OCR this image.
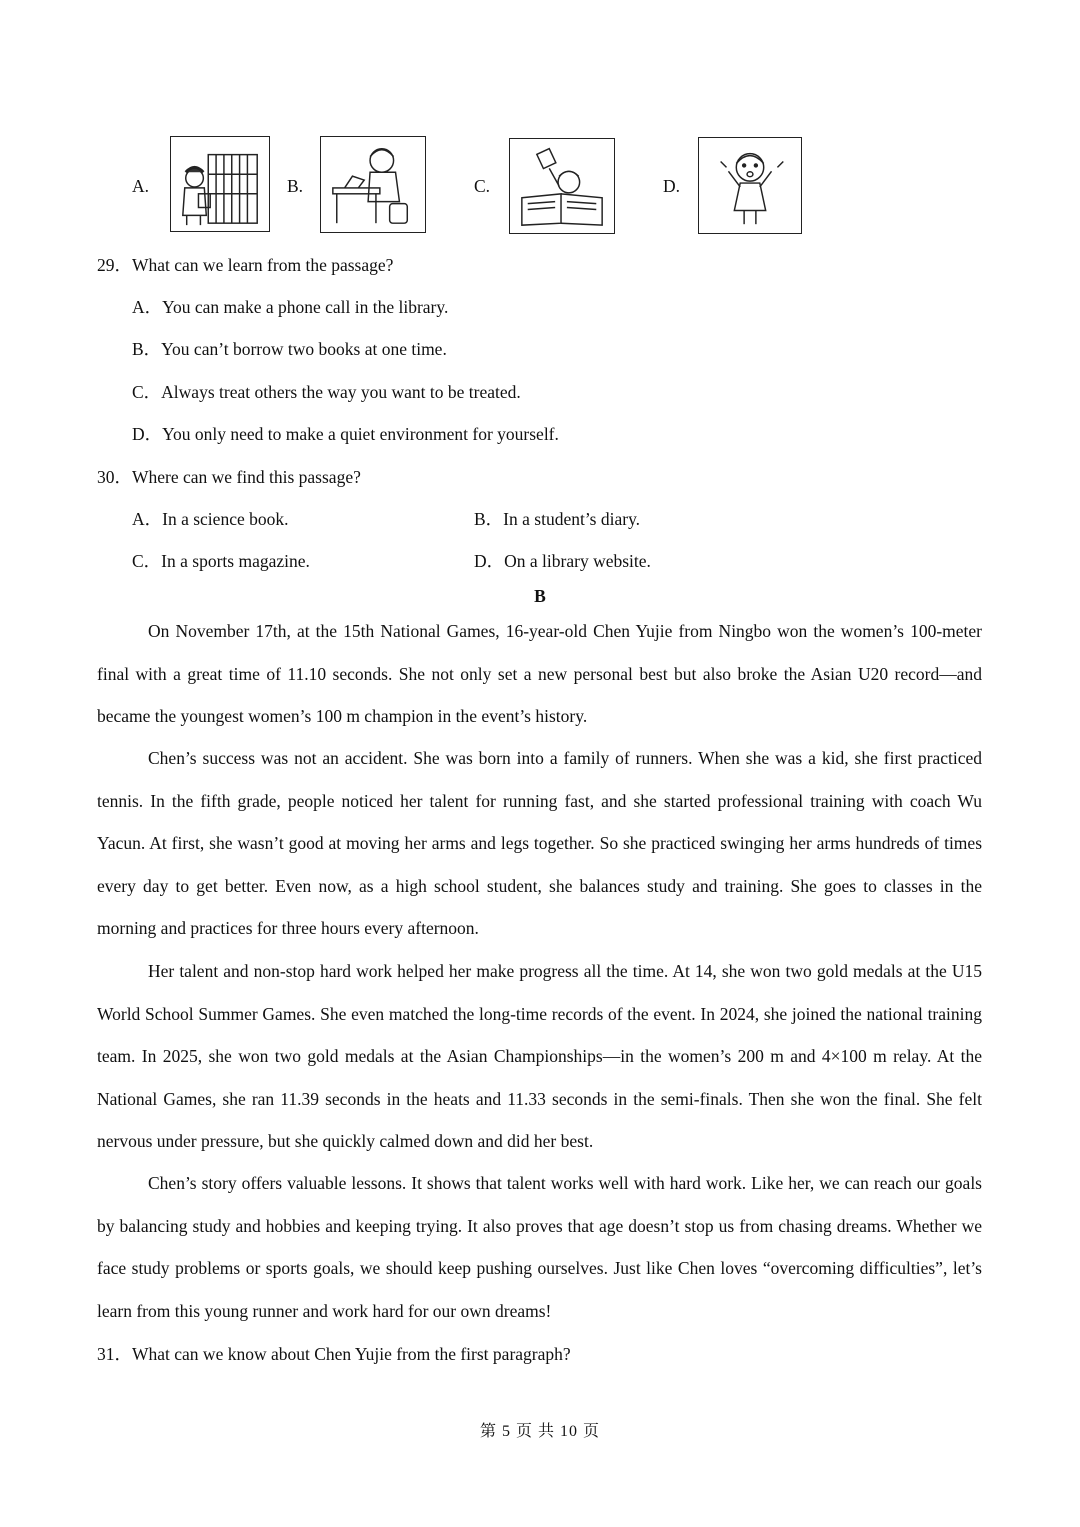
A.	B.	C.	D.
29．What can we learn from the passage?
A．You can make a phone call in the library.
B．You can’t borrow two books at one time.
C．Always treat others the way you want to be treated.
D．You only need to make a quiet environment for yourself.
30．Where can we find this passage?
A．In a science book.	B．In a student’s diary.
C．In a sports magazine.	D．On a library website.
B
On November 17th, at the 15th National Games, 16-year-old Chen Yujie from Ningbo won the women’s 100-meter final with a great time of 11.10 seconds. She not only set a new personal best but also broke the Asian U20 record—and became the youngest women’s 100 m champion in the event’s history.
Chen’s success was not an accident. She was born into a family of runners. When she was a kid, she first practiced tennis. In the fifth grade, people noticed her talent for running fast, and she started professional training with coach Wu Yacun. At first, she wasn’t good at moving her arms and legs together. So she practiced swinging her arms hundreds of times every day to get better. Even now, as a high school student, she balances study and training. She goes to classes in the morning and practices for three hours every afternoon.
Her talent and non-stop hard work helped her make progress all the time. At 14, she won two gold medals at the U15 World School Summer Games. She even matched the long-time records of the event. In 2024, she joined the national training team. In 2025, she won two gold medals at the Asian Championships—in the women’s 200 m and 4×100 m relay. At the National Games, she ran 11.39 seconds in the heats and 11.33 seconds in the semi-finals. Then she won the final. She felt nervous under pressure, but she quickly calmed down and did her best.
Chen’s story offers valuable lessons. It shows that talent works well with hard work. Like her, we can reach our goals by balancing study and hobbies and keeping trying. It also proves that age doesn’t stop us from chasing dreams. Whether we face study problems or sports goals, we should keep pushing ourselves. Just like Chen loves “overcoming difficulties”, let’s learn from this young runner and work hard for our own dreams!
31．What can we know about Chen Yujie from the first paragraph?
第 5 页 共 10 页
